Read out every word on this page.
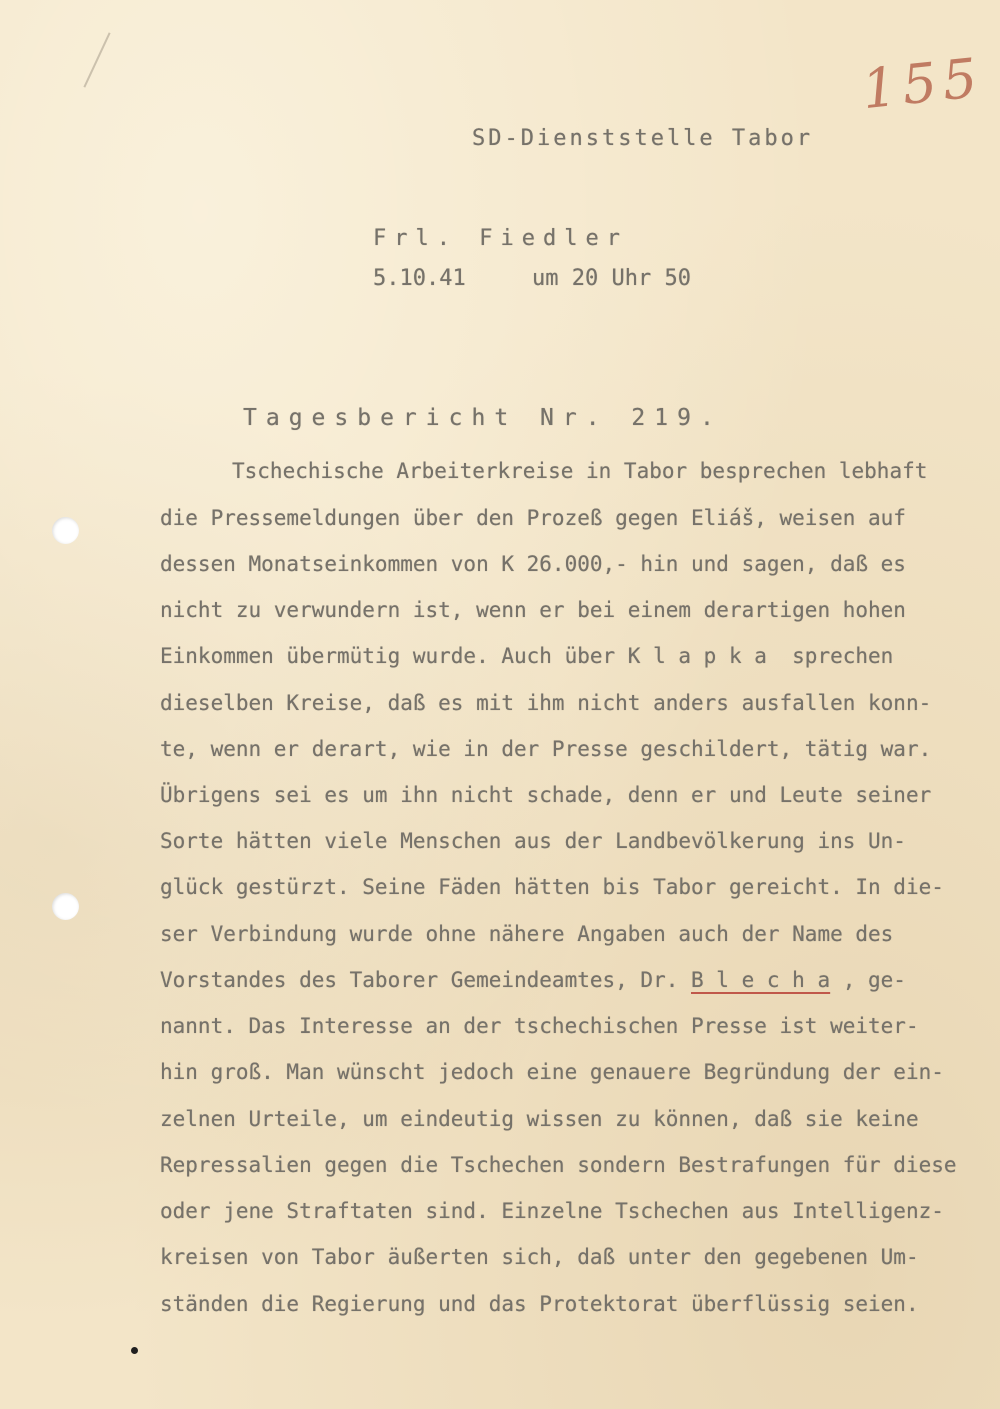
155
SD-Dienststelle Tabor
Frl. Fiedler
5.10.41	um 20 Uhr 50
Tagesbericht Nr. 219.
Tschechische Arbeiterkreise in Tabor besprechen lebhaft
die Pressemeldungen über den Prozeß gegen Eliáš, weisen auf
dessen Monatseinkommen von K 26.000,- hin und sagen, daß es
nicht zu verwundern ist, wenn er bei einem derartigen hohen
Einkommen übermütig wurde. Auch über K l a p k a  sprechen
dieselben Kreise, daß es mit ihm nicht anders ausfallen konn-
te, wenn er derart, wie in der Presse geschildert, tätig war.
Übrigens sei es um ihn nicht schade, denn er und Leute seiner
Sorte hätten viele Menschen aus der Landbevölkerung ins Un-
glück gestürzt. Seine Fäden hätten bis Tabor gereicht. In die-
ser Verbindung wurde ohne nähere Angaben auch der Name des
Vorstandes des Taborer Gemeindeamtes, Dr. B l e c h a , ge-
nannt. Das Interesse an der tschechischen Presse ist weiter-
hin groß. Man wünscht jedoch eine genauere Begründung der ein-
zelnen Urteile, um eindeutig wissen zu können, daß sie keine
Repressalien gegen die Tschechen sondern Bestrafungen für diese
oder jene Straftaten sind. Einzelne Tschechen aus Intelligenz-
kreisen von Tabor äußerten sich, daß unter den gegebenen Um-
ständen die Regierung und das Protektorat überflüssig seien.
